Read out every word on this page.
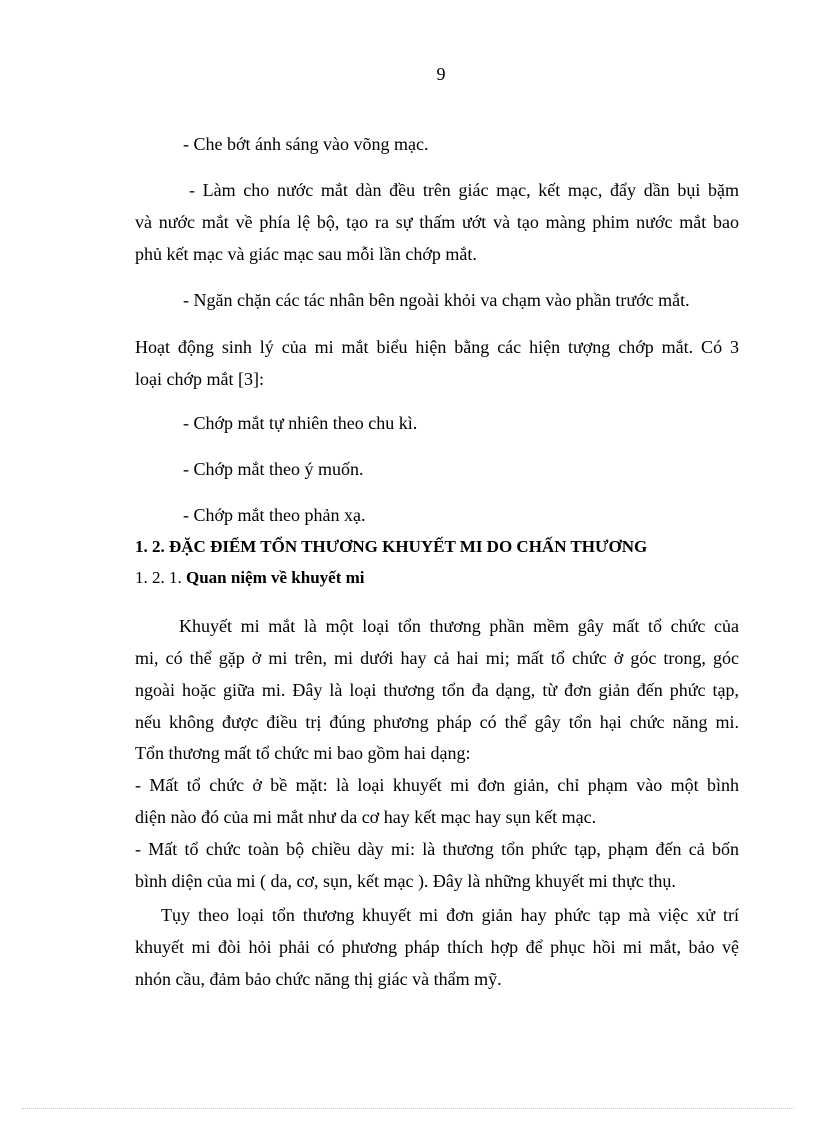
9
- Che bớt ánh sáng vào võng mạc.
- Làm cho nước mắt dàn đều trên giác mạc, kết mạc, đẩy dần bụi bặm
và nước mắt về phía lệ bộ, tạo ra sự thấm ướt và tạo màng phim nước mắt bao
phủ kết mạc và giác mạc sau mỗi lần chớp mắt.
- Ngăn chặn các tác nhân bên ngoài khỏi va chạm vào phần trước mắt.
Hoạt động sinh lý của mi mắt biểu hiện bằng các hiện tượng chớp mắt. Có 3
loại chớp mắt [3]:
- Chớp mắt tự nhiên theo chu kì.
- Chớp mắt theo ý muốn.
- Chớp mắt theo phản xạ.
1. 2. ĐẶC ĐIỂM TỔN THƯƠNG KHUYẾT MI DO CHẤN THƯƠNG
1. 2. 1. Quan niệm về khuyết mi
Khuyết mi mắt là một loại tổn thương phần mềm gây mất tổ chức của
mi, có thể gặp ở mi trên, mi dưới hay cả hai mi; mất tổ chức ở góc trong, góc
ngoài hoặc giữa mi. Đây là loại thương tổn đa dạng, từ đơn giản đến phức tạp,
nếu không được điều trị đúng phương pháp có thể gây tổn hại chức năng mi.
Tổn thương mất tổ chức mi bao gồm hai dạng:
- Mất tổ chức ở bề mặt: là loại khuyết mi đơn giản, chỉ phạm vào một bình
diện nào đó của mi mắt như da cơ hay kết mạc hay sụn kết mạc.
- Mất tổ chức toàn bộ chiều dày mi: là thương tổn phức tạp, phạm đến cả bốn
bình diện của mi ( da, cơ, sụn, kết mạc ). Đây là những khuyết mi thực thụ.
Tụy theo loại tổn thương khuyết mi đơn giản hay phức tạp mà việc xử trí
khuyết mi đòi hỏi phải có phương pháp thích hợp để phục hồi mi mắt, bảo vệ
nhón cầu, đảm bảo chức năng thị giác và thẩm mỹ.
